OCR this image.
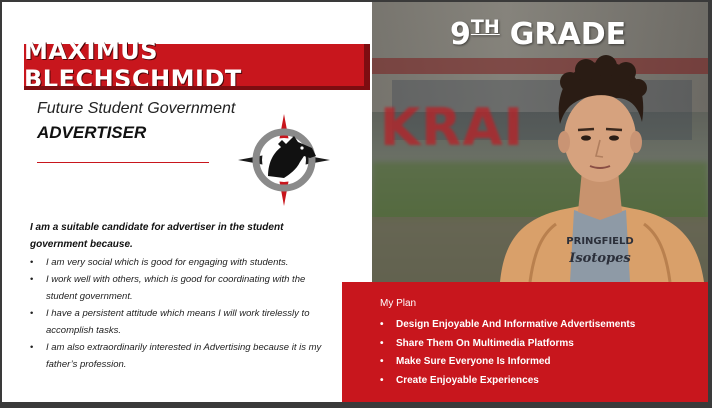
MAXIMUS BLECHSCHMIDT
Future Student Government
ADVERTISER
I am a suitable candidate for advertiser in the student government because.
• I am very social which is good for engaging with students.
• I work well with others, which is good for coordinating with the student government.
• I have a persistent attitude which means I will work tirelessly to accomplish tasks.
• I am also extraordinarily interested in Advertising because it is my father’s profession.
KRAI
PRINGFIELD
Isotopes
9TH GRADE
My Plan
• Design Enjoyable And Informative Advertisements
• Share Them On Multimedia Platforms
• Make Sure Everyone Is Informed
• Create Enjoyable Experiences
